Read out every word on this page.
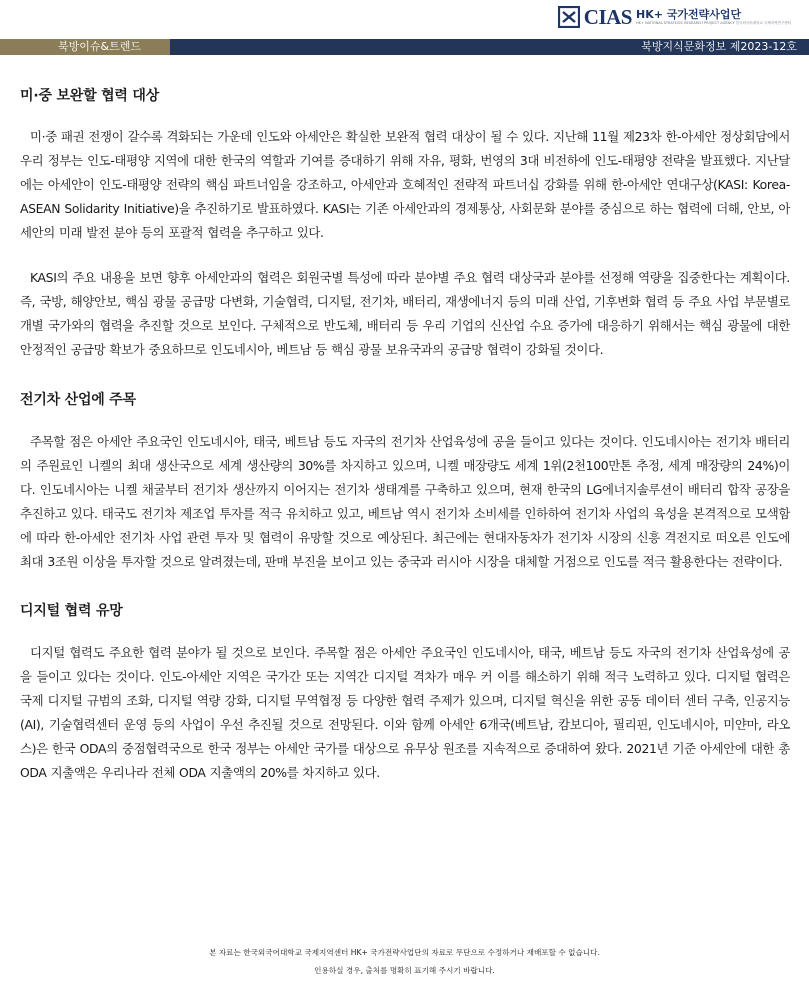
CIAS HK+ 국가전략사업단
HK+ NATIONAL STRATEGIC RESEARCH PROJECT AGENCY 한국외국어대학교 국제지역연구센터
북방이슈&트렌드	북방지식문화정보 제2023-12호
미·중 보완할 협력 대상

미·중 패권 전쟁이 갈수록 격화되는 가운데 인도와 아세안은 확실한 보완적 협력 대상이 될 수 있다. 지난해 11월 제23차 한-아세안 정상회담에서 우리 정부는 인도-태평양 지역에 대한 한국의 역할과 기여를 증대하기 위해 자유, 평화, 번영의 3대 비전하에 인도-태평양 전략을 발표했다. 지난달에는 아세안이 인도-태평양 전략의 핵심 파트너임을 강조하고, 아세안과 호혜적인 전략적 파트너십 강화를 위해 한-아세안 연대구상(KASI: Korea-ASEAN Solidarity Initiative)을 추진하기로 발표하였다. KASI는 기존 아세안과의 경제통상, 사회문화 분야를 중심으로 하는 협력에 더해, 안보, 아세안의 미래 발전 분야 등의 포괄적 협력을 추구하고 있다.

KASI의 주요 내용을 보면 향후 아세안과의 협력은 회원국별 특성에 따라 분야별 주요 협력 대상국과 분야를 선정해 역량을 집중한다는 계획이다. 즉, 국방, 해양안보, 핵심 광물 공급망 다변화, 기술협력, 디지털, 전기차, 배터리, 재생에너지 등의 미래 산업, 기후변화 협력 등 주요 사업 부문별로 개별 국가와의 협력을 추진할 것으로 보인다. 구체적으로 반도체, 배터리 등 우리 기업의 신산업 수요 증가에 대응하기 위해서는 핵심 광물에 대한 안정적인 공급망 확보가 중요하므로 인도네시아, 베트남 등 핵심 광물 보유국과의 공급망 협력이 강화될 것이다.

전기차 산업에 주목

주목할 점은 아세안 주요국인 인도네시아, 태국, 베트남 등도 자국의 전기차 산업육성에 공을 들이고 있다는 것이다. 인도네시아는 전기차 배터리의 주원료인 니켈의 최대 생산국으로 세계 생산량의 30%를 차지하고 있으며, 니켈 매장량도 세계 1위(2천100만톤 추정, 세계 매장량의 24%)이다. 인도네시아는 니켈 채굴부터 전기차 생산까지 이어지는 전기차 생태계를 구축하고 있으며, 현재 한국의 LG에너지솔루션이 배터리 합작 공장을 추진하고 있다. 태국도 전기차 제조업 투자를 적극 유치하고 있고, 베트남 역시 전기차 소비세를 인하하여 전기차 사업의 육성을 본격적으로 모색함에 따라 한-아세안 전기차 사업 관련 투자 및 협력이 유망할 것으로 예상된다. 최근에는 현대자동차가 전기차 시장의 신흥 격전지로 떠오른 인도에 최대 3조원 이상을 투자할 것으로 알려졌는데, 판매 부진을 보이고 있는 중국과 러시아 시장을 대체할 거점으로 인도를 적극 활용한다는 전략이다.

디지털 협력 유망

디지털 협력도 주요한 협력 분야가 될 것으로 보인다. 주목할 점은 아세안 주요국인 인도네시아, 태국, 베트남 등도 자국의 전기차 산업육성에 공을 들이고 있다는 것이다. 인도-아세안 지역은 국가간 또는 지역간 디지털 격차가 매우 커 이를 해소하기 위해 적극 노력하고 있다. 디지털 협력은 국제 디지털 규범의 조화, 디지털 역량 강화, 디지털 무역협정 등 다양한 협력 주제가 있으며, 디지털 혁신을 위한 공동 데이터 센터 구축, 인공지능(AI), 기술협력센터 운영 등의 사업이 우선 추진될 것으로 전망된다. 이와 함께 아세안 6개국(베트남, 캄보디아, 필리핀, 인도네시아, 미얀마, 라오스)은 한국 ODA의 중점협력국으로 한국 정부는 아세안 국가를 대상으로 유무상 원조를 지속적으로 증대하여 왔다. 2021년 기준 아세안에 대한 총 ODA 지출액은 우리나라 전체 ODA 지출액의 20%를 차지하고 있다.

본 자료는 한국외국어대학교 국제지역센터 HK+ 국가전략사업단의 자료로 무단으로 수정하거나 재배포할 수 없습니다.
인용하실 경우, 출처를 명확히 표기해 주시기 바랍니다.
